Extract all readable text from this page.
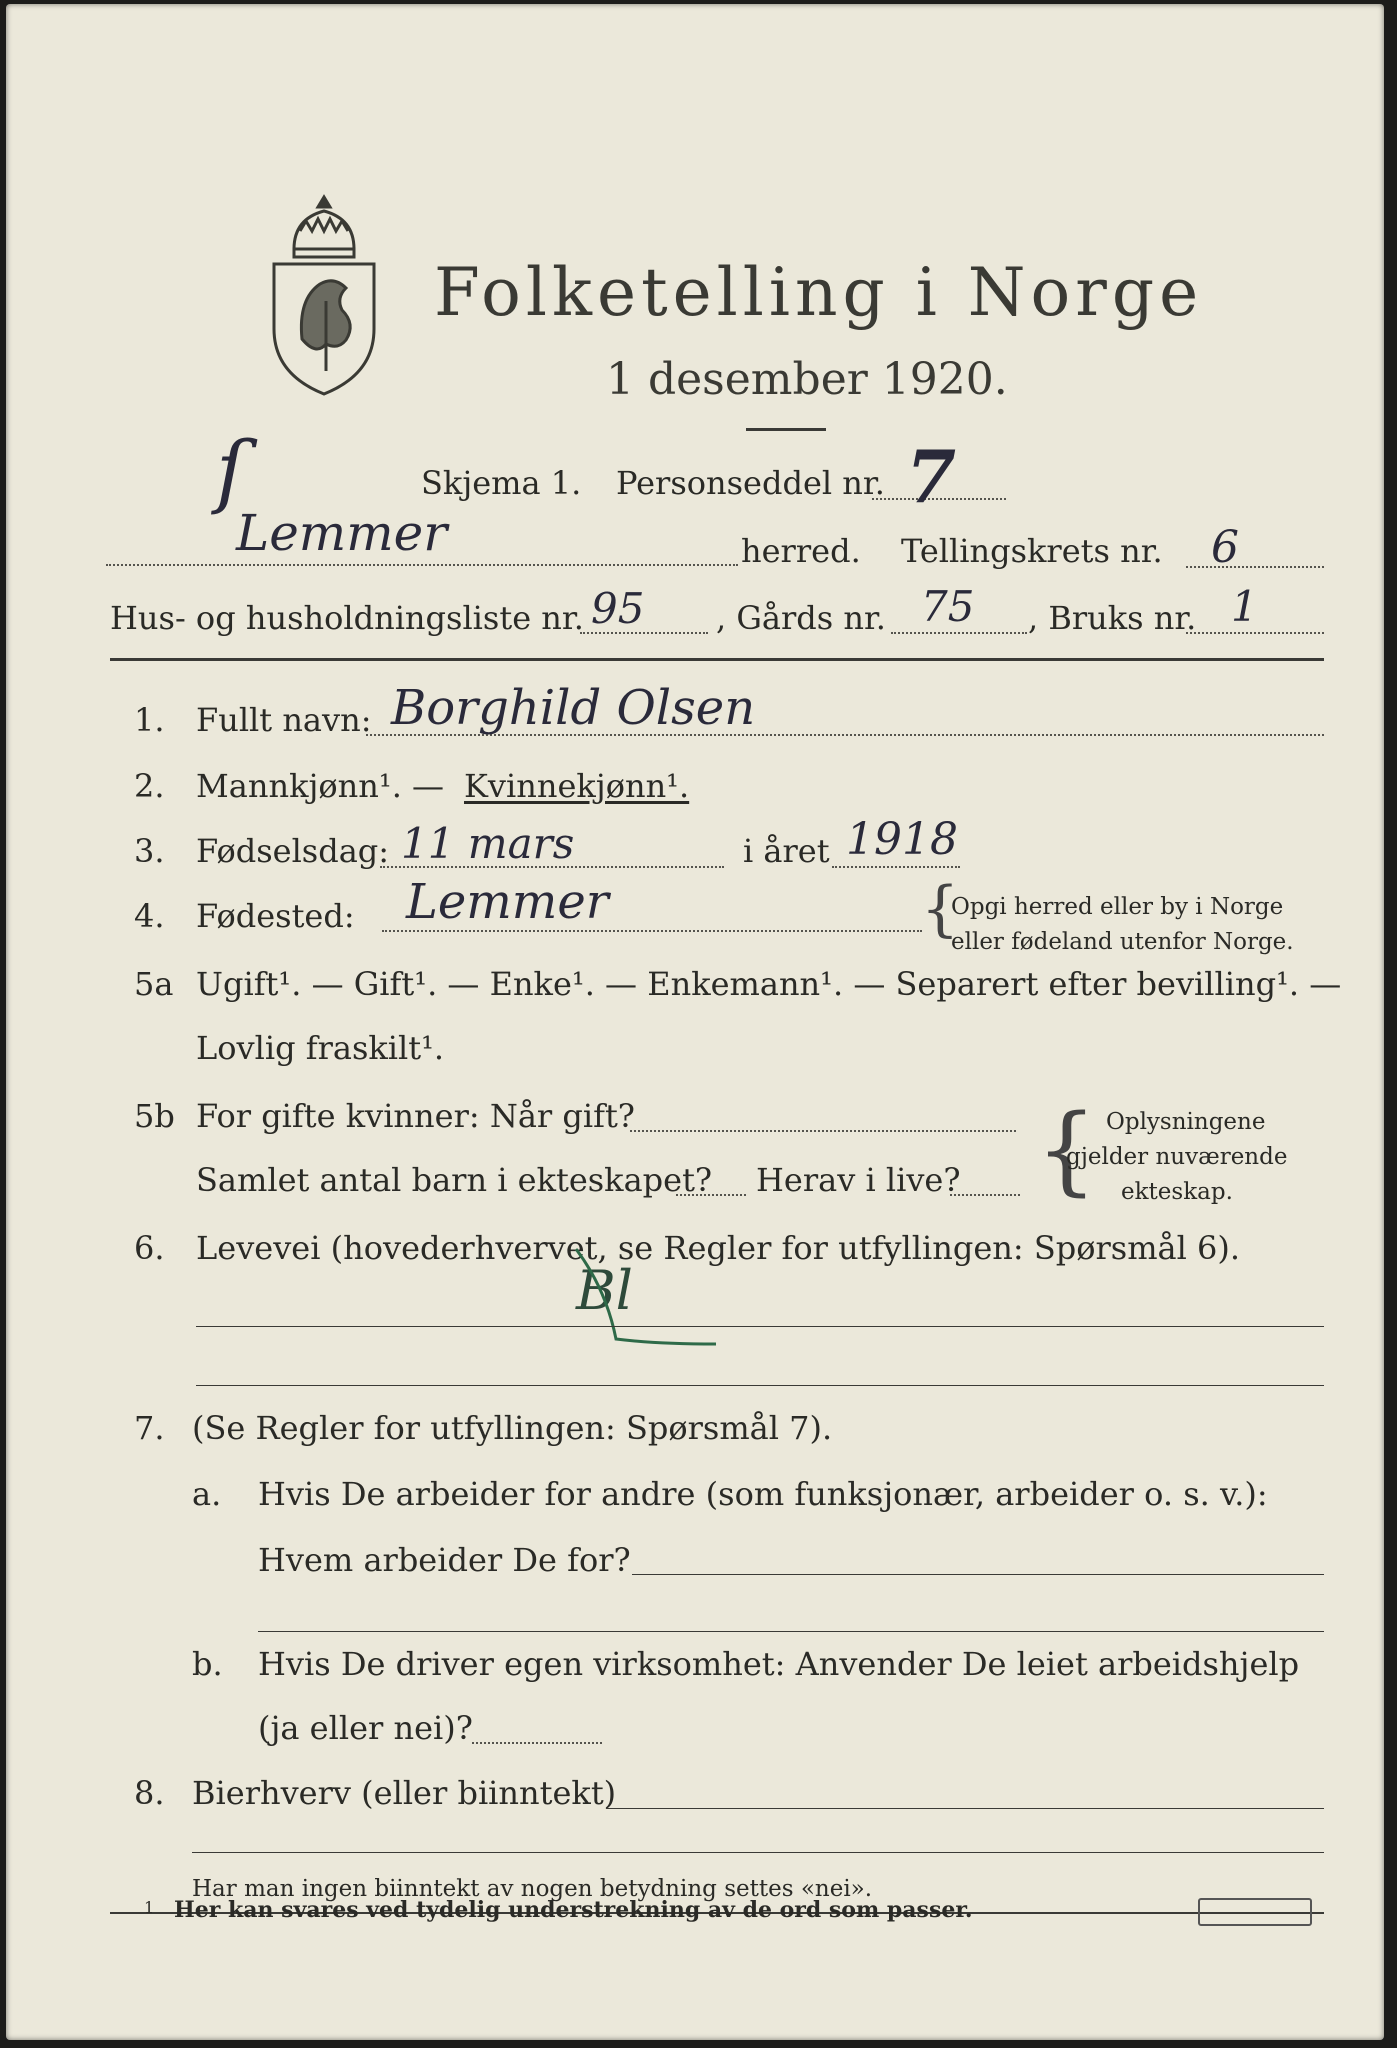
Folketelling i Norge
1 desember 1920.
Skjema 1. Personseddel nr. 7
ſ
Lemmer	herred. Tellingskrets nr. 6
Hus- og husholdningsliste nr. 95 , Gårds nr. 75 , Bruks nr. 1
1. Fullt navn: Borghild Olsen
2. Mannkjønn¹. — Kvinnekjønn¹.
3. Fødselsdag: 11 mars	i året 1918
4. Fødested: Lemmer	{
Opgi herred eller by i Norge
eller fødeland utenfor Norge.
5a Ugift¹. — Gift¹. — Enke¹. — Enkemann¹. — Separert efter bevilling¹. —
Lovlig fraskilt¹.
5b For gifte kvinner: Når gift?
Samlet antal barn i ekteskapet? Herav i live? { Oplysningene
gjelder nuværende
ekteskap.
6. Levevei (hovederhvervet, se Regler for utfyllingen: Spørsmål 6).
Bl
7. (Se Regler for utfyllingen: Spørsmål 7).
a. Hvis De arbeider for andre (som funksjonær, arbeider o. s. v.):
Hvem arbeider De for?
b. Hvis De driver egen virksomhet: Anvender De leiet arbeidshjelp
(ja eller nei)?
8. Bierhverv (eller biinntekt)
Har man ingen biinntekt av nogen betydning settes «nei».
1 Her kan svares ved tydelig understrekning av de ord som passer.
